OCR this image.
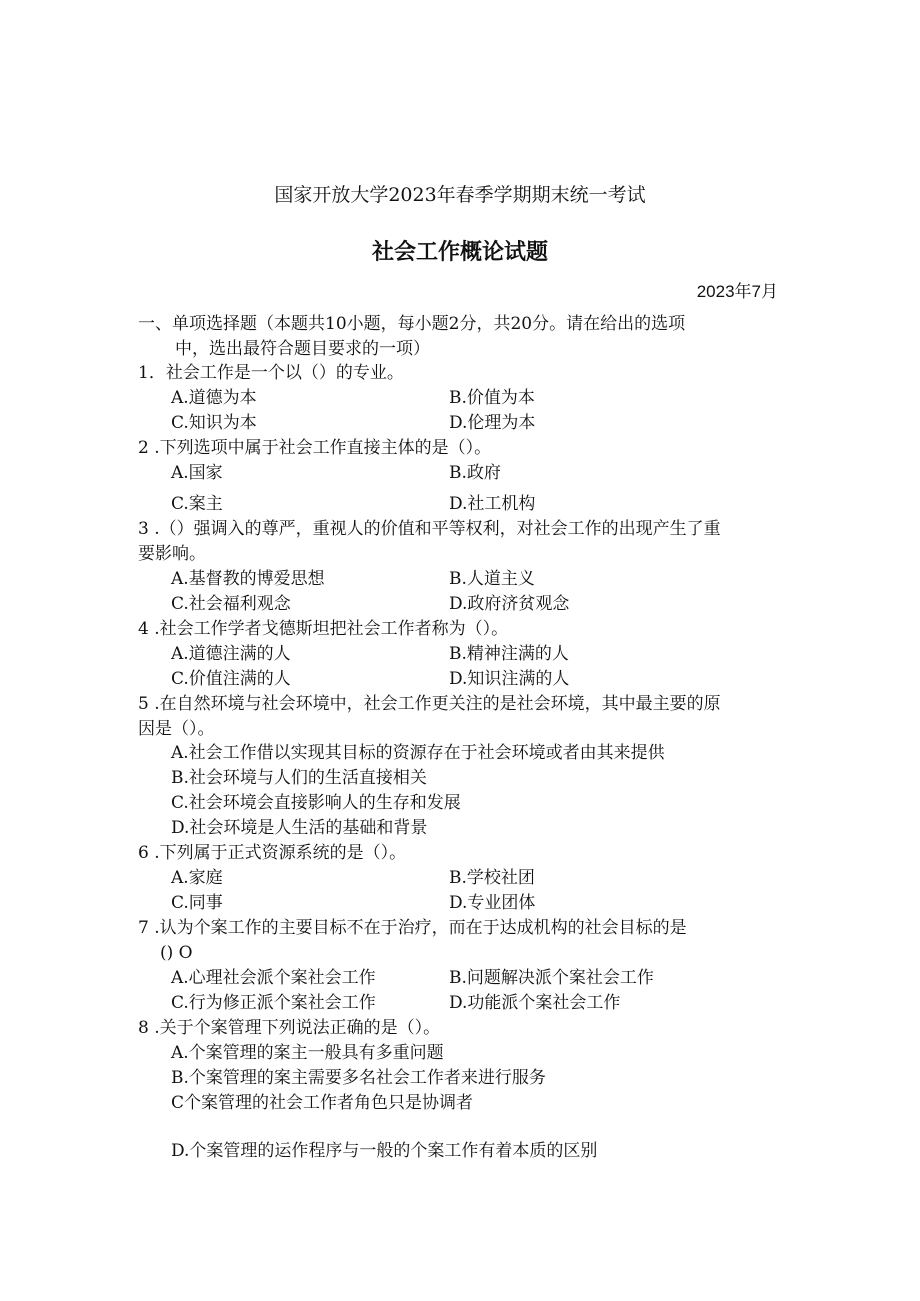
国家开放大学2023年春季学期期末统一考试
社会工作概论试题
2023年7月
一、单项选择题（本题共10小题，每小题2分，共20分。请在给出的选项
中，选出最符合题目要求的一项）
1．社会工作是一个以（）的专业。
A.道德为本	B.价值为本
C.知识为本	D.伦理为本
2 .下列选项中属于社会工作直接主体的是（）。
A.国家	B.政府
C.案主	D.社工机构
3 .（）强调入的尊严，重视人的价值和平等权利，对社会工作的出现产生了重
要影响。
A.基督教的博爱思想	B.人道主义
C.社会福利观念	D.政府济贫观念
4 .社会工作学者戈德斯坦把社会工作者称为（）。
A.道德注满的人	B.精神注满的人
C.价值注满的人	D.知识注满的人
5 .在自然环境与社会环境中，社会工作更关注的是社会环境，其中最主要的原
因是（）。
A.社会工作借以实现其目标的资源存在于社会环境或者由其来提供
B.社会环境与人们的生活直接相关
C.社会环境会直接影响人的生存和发展
D.社会环境是人生活的基础和背景
6 .下列属于正式资源系统的是（）。
A.家庭	B.学校社团
C.同事	D.专业团体
7 .认为个案工作的主要目标不在于治疗，而在于达成机构的社会目标的是
() O
A.心理社会派个案社会工作	B.问题解决派个案社会工作
C.行为修正派个案社会工作	D.功能派个案社会工作
8 .关于个案管理下列说法正确的是（）。
A.个案管理的案主一般具有多重问题
B.个案管理的案主需要多名社会工作者来进行服务
C个案管理的社会工作者角色只是协调者
D.个案管理的运作程序与一般的个案工作有着本质的区别
